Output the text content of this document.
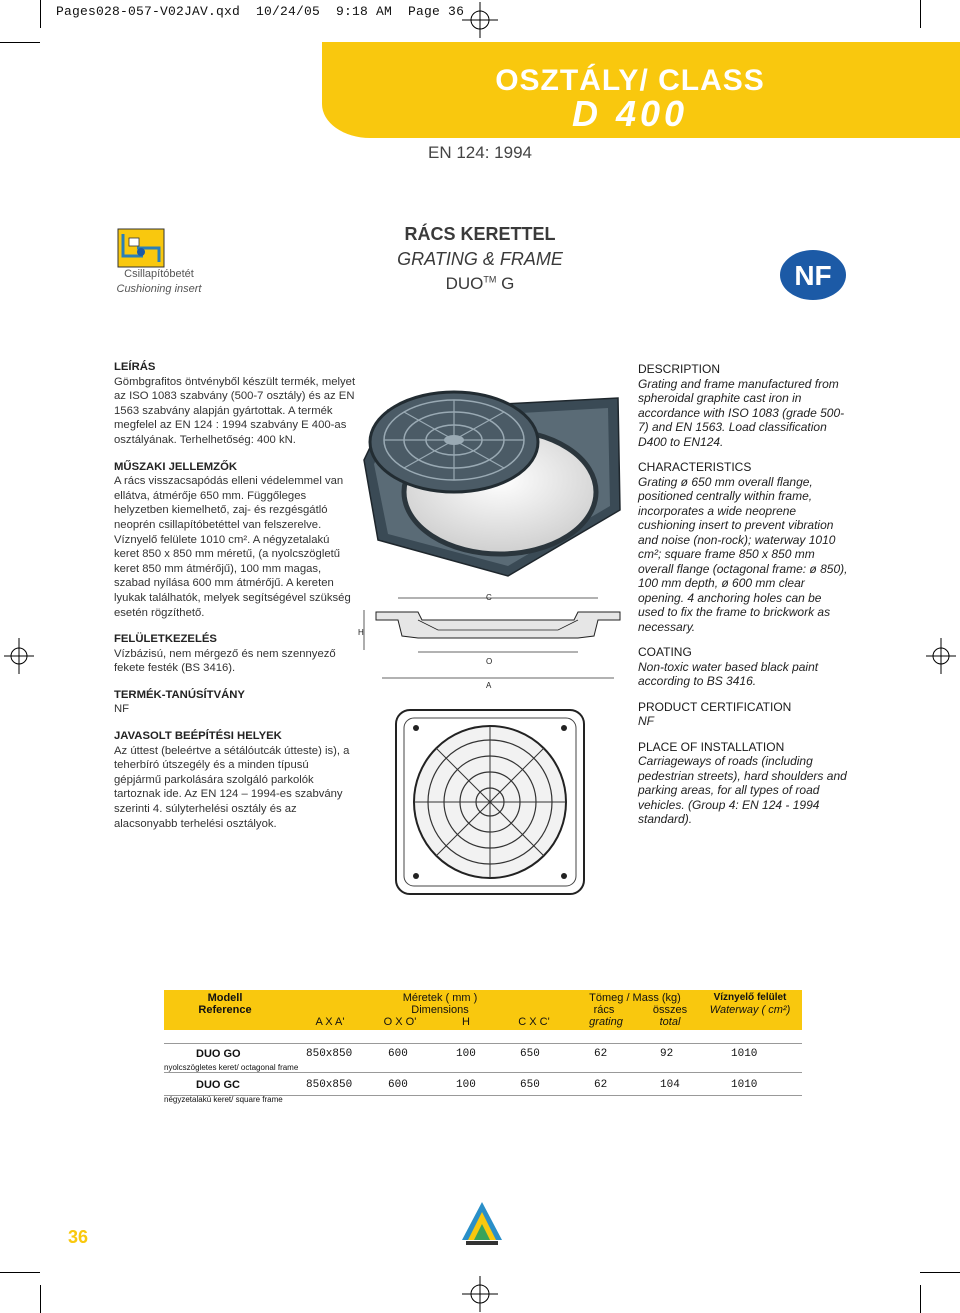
Pages028-057-V02JAV.qxd  10/24/05  9:18 AM  Page 36
OSZTÁLY/ CLASS
D 400
EN 124: 1994
Csillapítóbetét
Cushioning insert
RÁCS KERETTEL
GRATING & FRAME
DUO™ G	NF

LEÍRÁS

Gömbgrafitos öntvényből készült termék, melyet az ISO 1083 szabvány (500-7 osztály) és az EN 1563 szabvány alapján gyártottak. A termék megfelel az EN 124 : 1994 szabvány E 400-as osztályának. Terhelhetőség: 400 kN.

MŰSZAKI JELLEMZŐK

A rács visszacsapódás elleni védelemmel van ellátva, átmérője 650 mm. Függőleges helyzetben kiemelhető, zaj- és rezgésgátló neoprén csillapítóbetéttel van felszerelve. Víznyelő felülete 1010 cm². A négyzetalakú keret 850 x 850 mm méretű, (a nyolcszögletű keret 850 mm átmérőjű), 100 mm magas, szabad nyílása 600 mm átmérőjű. A kereten lyukak találhatók, melyek segítségével szükség esetén rögzíthető.

FELÜLETKEZELÉS

Vízbázisú, nem mérgező és nem szennyező fekete festék (BS 3416).

TERMÉK-TANÚSÍTVÁNY

NF

JAVASOLT BEÉPÍTÉSI HELYEK

Az úttest (beleértve a sétálóutcák útteste) is), a teherbíró útszegély és a minden típusú gépjármű parkolására szolgáló parkolók tartoznak ide. Az EN 124 – 1994-es szabvány szerinti 4. súlyterhelési osztály és az alacsonyabb terhelési osztályok.

DESCRIPTION

Grating and frame manufactured from spheroidal graphite cast iron in accordance with ISO 1083 (grade 500-7) and EN 1563. Load classification D400 to EN124.

CHARACTERISTICS

Grating ø 650 mm overall flange, positioned centrally within frame, incorporates a wide neoprene cushioning insert to prevent vibration and noise (non-rock); waterway 1010 cm²; square frame 850 x 850 mm overall flange (octagonal frame: ø 850), 100 mm depth, ø 600 mm clear opening. 4 anchoring holes can be used to fix the frame to brickwork as necessary.

COATING

Non-toxic water based black paint according to BS 3416.

PRODUCT CERTIFICATION

NF

PLACE OF INSTALLATION

Carriageways of roads (including pedestrian streets), hard shoulders and parking areas, for all types of road vehicles. (Group 4: EN 124 - 1994 standard).

C
H
O
A
Modell
Reference
Méretek ( mm )
Dimensions
A X A'	O X O'	H	C X C'
Tömeg / Mass (kg)
rács	összes
grating	total
Víznyelő felület
Waterway ( cm²)
DUO GO
nyolcszögletes keret/ octagonal frame
850x850	600	100	650	62	92	1010
DUO GC
négyzetalakú keret/ square frame
850x850	600	100	650	62	104	1010
36
